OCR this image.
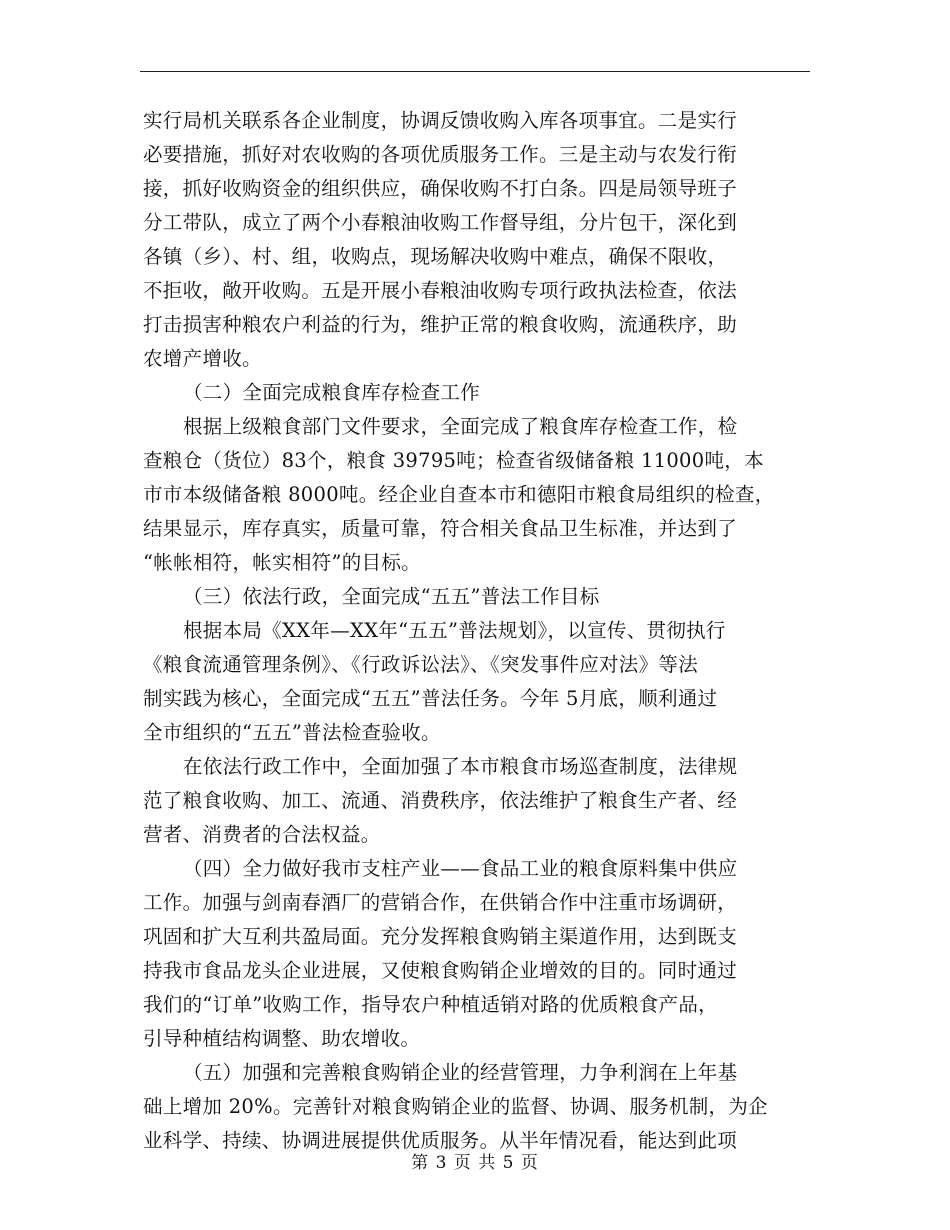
实行局机关联系各企业制度，协调反馈收购入库各项事宜。二是实行
必要措施，抓好对农收购的各项优质服务工作。三是主动与农发行衔
接，抓好收购资金的组织供应，确保收购不打白条。四是局领导班子
分工带队，成立了两个小春粮油收购工作督导组，分片包干，深化到
各镇（乡）、村、组，收购点，现场解决收购中难点，确保不限收，
不拒收，敞开收购。五是开展小春粮油收购专项行政执法检查，依法
打击损害种粮农户利益的行为，维护正常的粮食收购，流通秩序，助
农增产增收。
（二）全面完成粮食库存检查工作
根据上级粮食部门文件要求，全面完成了粮食库存检查工作，检
查粮仓（货位）83个，粮食 39795吨；检查省级储备粮 11000吨，本
市市本级储备粮 8000吨。经企业自查本市和德阳市粮食局组织的检查，
结果显示，库存真实，质量可靠，符合相关食品卫生标准，并达到了
“帐帐相符，帐实相符”的目标。
（三）依法行政，全面完成“五五”普法工作目标
根据本局《XX年—XX年“五五”普法规划》，以宣传、贯彻执行
《粮食流通管理条例》、《行政诉讼法》、《突发事件应对法》等法
制实践为核心，全面完成“五五”普法任务。今年 5月底，顺利通过
全市组织的“五五”普法检查验收。
在依法行政工作中，全面加强了本市粮食市场巡查制度，法律规
范了粮食收购、加工、流通、消费秩序，依法维护了粮食生产者、经
营者、消费者的合法权益。
（四）全力做好我市支柱产业——食品工业的粮食原料集中供应
工作。加强与剑南春酒厂的营销合作，在供销合作中注重市场调研，
巩固和扩大互利共盈局面。充分发挥粮食购销主渠道作用，达到既支
持我市食品龙头企业进展，又使粮食购销企业增效的目的。同时通过
我们的“订单”收购工作，指导农户种植适销对路的优质粮食产品，
引导种植结构调整、助农增收。
（五）加强和完善粮食购销企业的经营管理，力争利润在上年基
础上增加 20%。完善针对粮食购销企业的监督、协调、服务机制，为企
业科学、持续、协调进展提供优质服务。从半年情况看，能达到此项
第 3 页 共 5 页
